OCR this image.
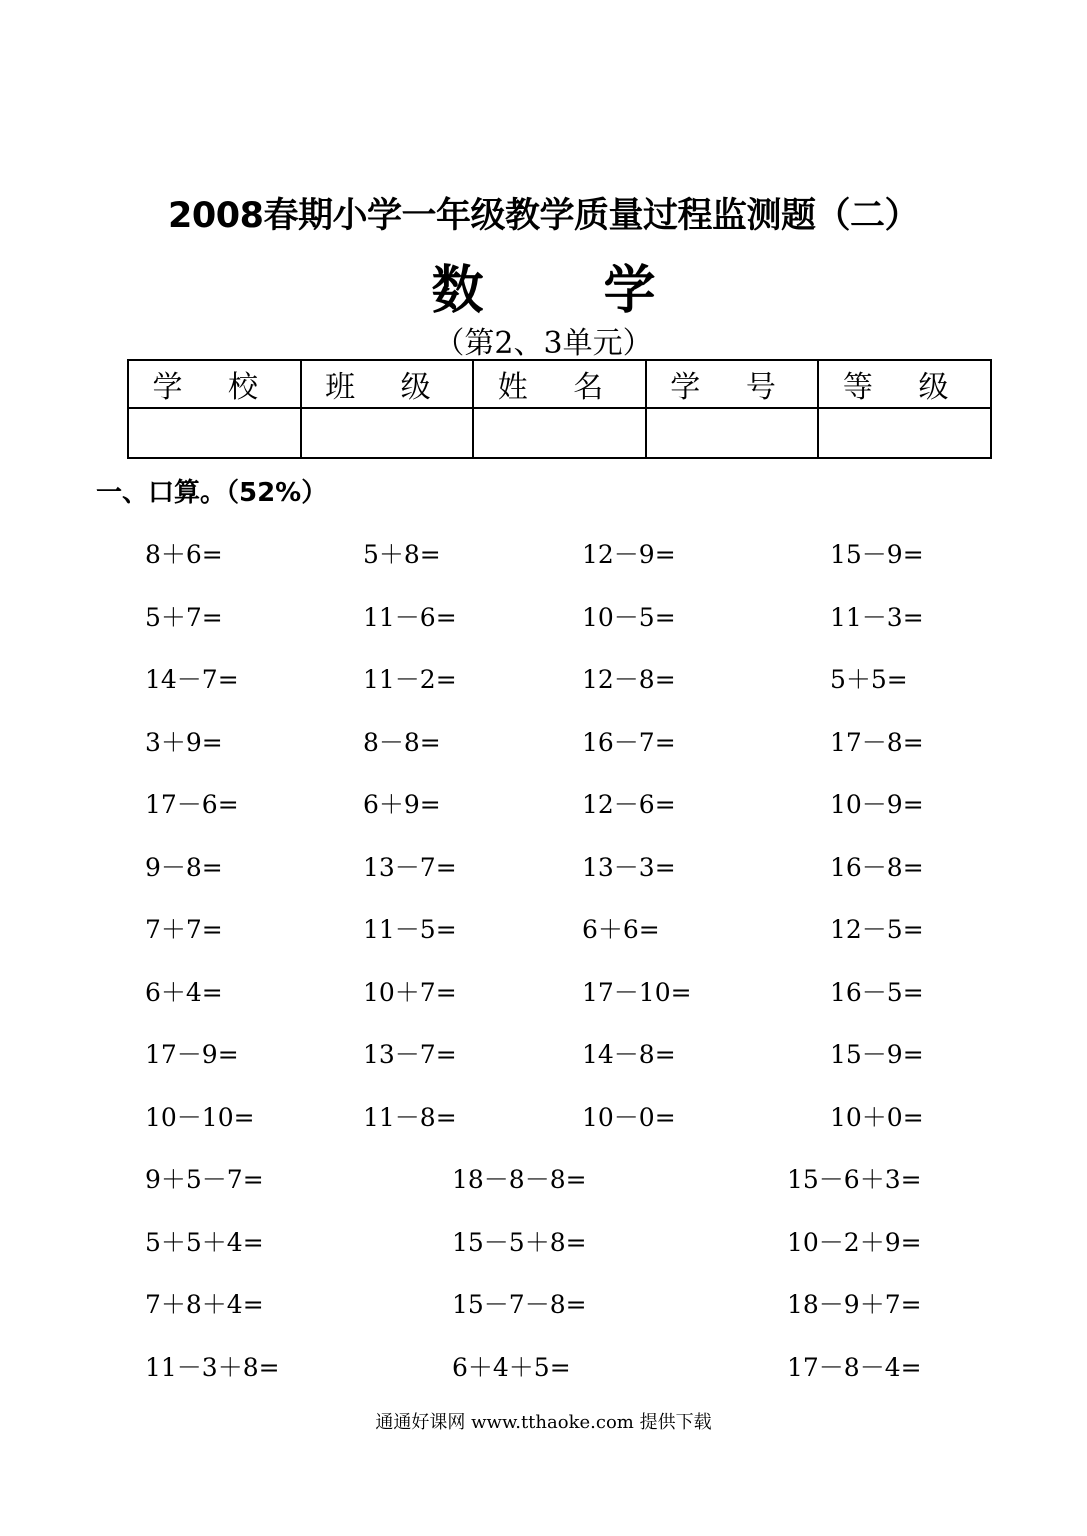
2008春期小学一年级教学质量过程监测题（二）
数 学
（第2、3单元）
学 校	班 级	姓 名	学 号	等 级

一、口算。（52%）
8＋6=	5＋8=	12－9=	15－9=
5＋7=	11－6=	10－5=	11－3=
14－7=	11－2=	12－8=	5＋5=
3＋9=	8－8=	16－7=	17－8=
17－6=	6＋9=	12－6=	10－9=
9－8=	13－7=	13－3=	16－8=
7＋7=	11－5=	6＋6=	12－5=
6＋4=	10＋7=	17－10=	16－5=
17－9=	13－7=	14－8=	15－9=
10－10=	11－8=	10－0=	10＋0=
9＋5－7=	18－8－8=	15－6＋3=
5＋5＋4=	15－5＋8=	10－2＋9=
7＋8＋4=	15－7－8=	18－9＋7=
11－3＋8=	6＋4＋5=	17－8－4=
通通好课网 www.tthaoke.com 提供下载
